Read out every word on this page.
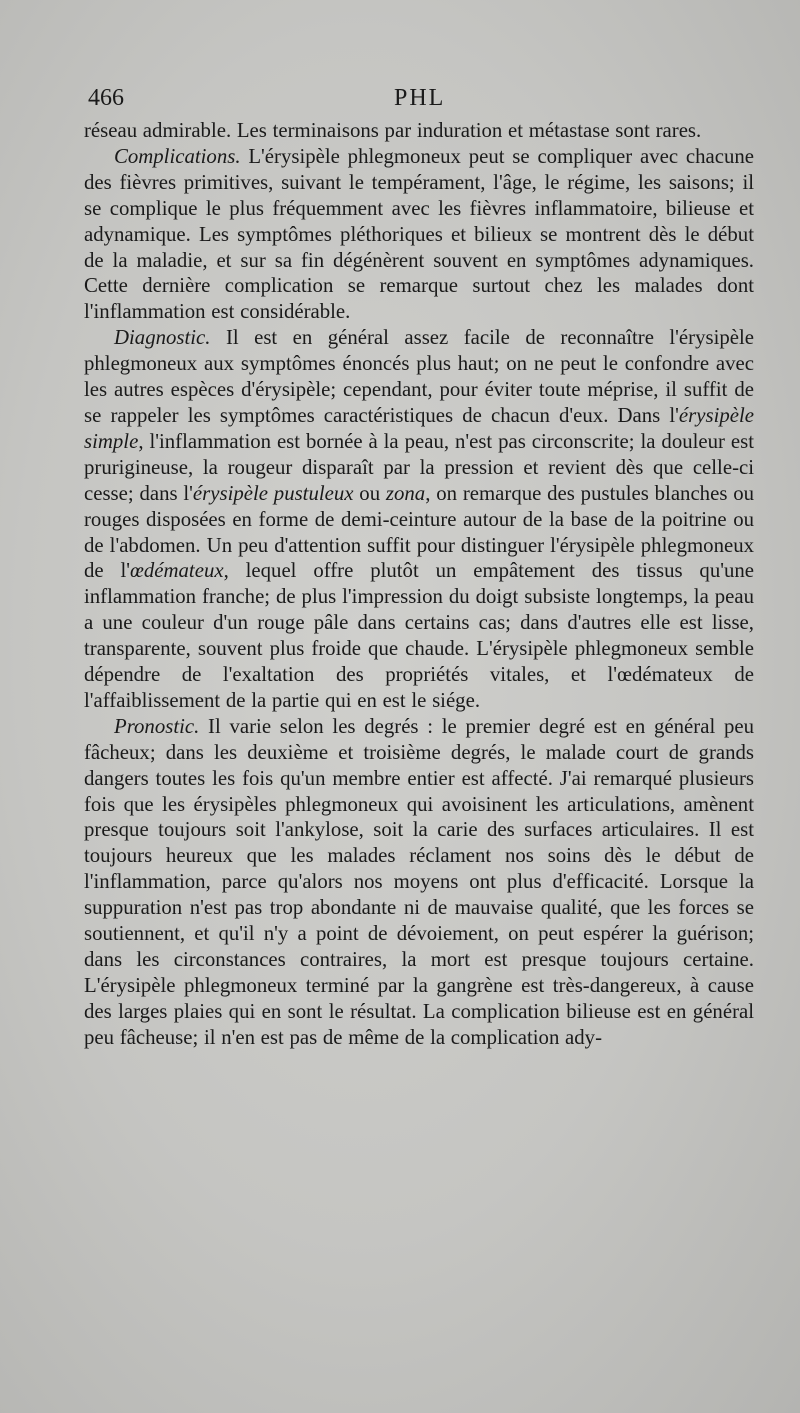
466	PHL

réseau admirable. Les terminaisons par induration et métastase sont rares.

Complications. L'érysipèle phlegmoneux peut se compliquer avec chacune des fièvres primitives, suivant le tempérament, l'âge, le régime, les saisons; il se complique le plus fréquemment avec les fièvres inflammatoire, bilieuse et adynamique. Les symptômes pléthoriques et bilieux se montrent dès le début de la maladie, et sur sa fin dégénèrent souvent en symptômes adynamiques. Cette dernière complication se remarque surtout chez les malades dont l'inflammation est considérable.

Diagnostic. Il est en général assez facile de reconnaître l'érysipèle phlegmoneux aux symptômes énoncés plus haut; on ne peut le confondre avec les autres espèces d'érysipèle; cependant, pour éviter toute méprise, il suffit de se rappeler les symptômes caractéristiques de chacun d'eux. Dans l'érysipèle simple, l'inflammation est bornée à la peau, n'est pas circonscrite; la douleur est prurigineuse, la rougeur disparaît par la pression et revient dès que celle-ci cesse; dans l'érysipèle pustuleux ou zona, on remarque des pustules blanches ou rouges disposées en forme de demi-ceinture autour de la base de la poitrine ou de l'abdomen. Un peu d'attention suffit pour distinguer l'érysipèle phlegmoneux de l'œdémateux, lequel offre plutôt un empâtement des tissus qu'une inflammation franche; de plus l'impression du doigt subsiste longtemps, la peau a une couleur d'un rouge pâle dans certains cas; dans d'autres elle est lisse, transparente, souvent plus froide que chaude. L'érysipèle phlegmoneux semble dépendre de l'exaltation des propriétés vitales, et l'œdémateux de l'affaiblissement de la partie qui en est le siége.

Pronostic. Il varie selon les degrés : le premier degré est en général peu fâcheux; dans les deuxième et troisième degrés, le malade court de grands dangers toutes les fois qu'un membre entier est affecté. J'ai remarqué plusieurs fois que les érysipèles phlegmoneux qui avoisinent les articulations, amènent presque toujours soit l'ankylose, soit la carie des surfaces articulaires. Il est toujours heureux que les malades réclament nos soins dès le début de l'inflammation, parce qu'alors nos moyens ont plus d'efficacité. Lorsque la suppuration n'est pas trop abondante ni de mauvaise qualité, que les forces se soutiennent, et qu'il n'y a point de dévoiement, on peut espérer la guérison; dans les circonstances contraires, la mort est presque toujours certaine. L'érysipèle phlegmoneux terminé par la gangrène est très-dangereux, à cause des larges plaies qui en sont le résultat. La complication bilieuse est en général peu fâcheuse; il n'en est pas de même de la complication ady-
